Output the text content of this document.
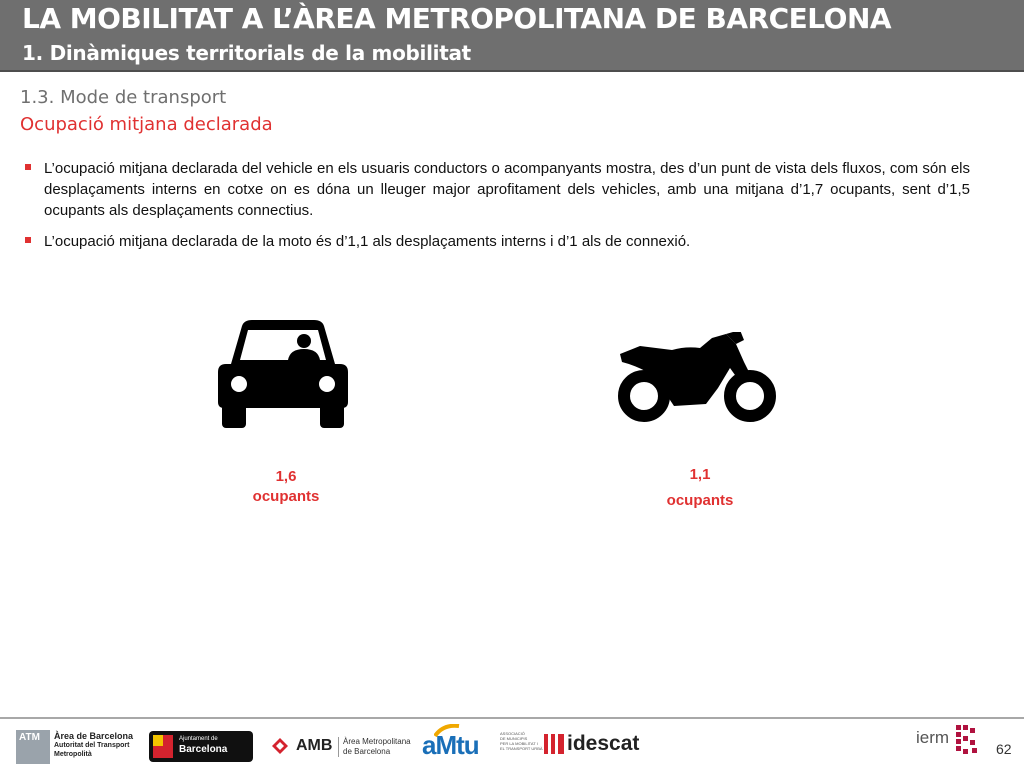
LA MOBILITAT A L’ÀREA METROPOLITANA DE BARCELONA
1. Dinàmiques territorials de la mobilitat
1.3. Mode de transport
Ocupació mitjana declarada
L’ocupació mitjana declarada del vehicle en els usuaris conductors o acompanyants mostra, des d’un punt de vista dels fluxos, com són els desplaçaments interns en cotxe on es dóna un lleuger major aprofitament dels vehicles, amb una mitjana d’1,7 ocupants, sent d’1,5 ocupants als desplaçaments connectius.
L’ocupació mitjana declarada de la moto és d’1,1 als desplaçaments interns i d’1 als de connexió.
1,6
ocupants
1,1
ocupants
ATM Àrea de Barcelona
Autoritat del Transport
Metropolità
Ajuntament de
Barcelona	AMB Àrea Metropolitana
de Barcelona aMtu	ASSOCIACIÓ
DE MUNICIPIS
PER LA MOBILITAT I
EL TRANSPORT URBÀ idescat	ierm
62
